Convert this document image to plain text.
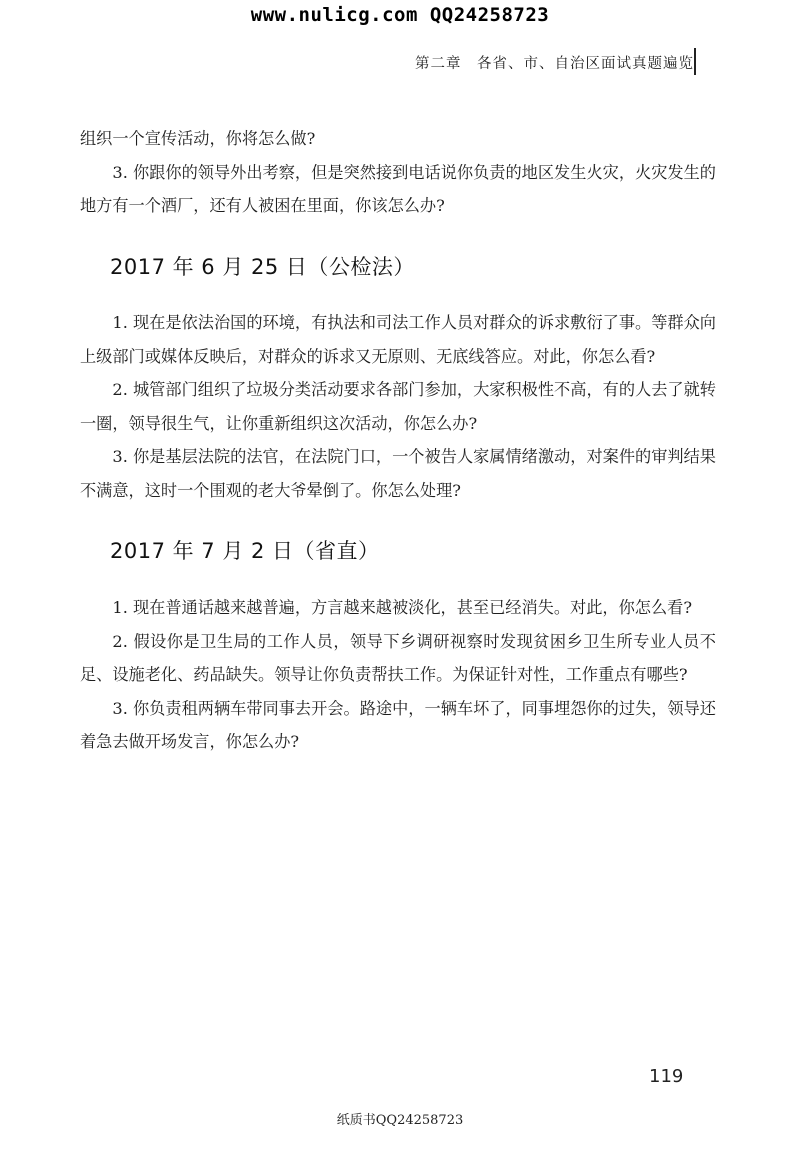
www.nulicg.com QQ24258723
第二章　各省、市、自治区面试真题遍览

组织一个宣传活动，你将怎么做?

3. 你跟你的领导外出考察，但是突然接到电话说你负责的地区发生火灾，火灾发生的地方有一个酒厂，还有人被困在里面，你该怎么办?

2017 年 6 月 25 日（公检法）

1. 现在是依法治国的环境，有执法和司法工作人员对群众的诉求敷衍了事。等群众向上级部门或媒体反映后，对群众的诉求又无原则、无底线答应。对此，你怎么看?

2. 城管部门组织了垃圾分类活动要求各部门参加，大家积极性不高，有的人去了就转一圈，领导很生气，让你重新组织这次活动，你怎么办?

3. 你是基层法院的法官，在法院门口，一个被告人家属情绪激动，对案件的审判结果不满意，这时一个围观的老大爷晕倒了。你怎么处理?

2017 年 7 月 2 日（省直）

1. 现在普通话越来越普遍，方言越来越被淡化，甚至已经消失。对此，你怎么看?

2. 假设你是卫生局的工作人员，领导下乡调研视察时发现贫困乡卫生所专业人员不足、设施老化、药品缺失。领导让你负责帮扶工作。为保证针对性，工作重点有哪些?

3. 你负责租两辆车带同事去开会。路途中，一辆车坏了，同事埋怨你的过失，领导还着急去做开场发言，你怎么办?

119
纸质书QQ24258723
